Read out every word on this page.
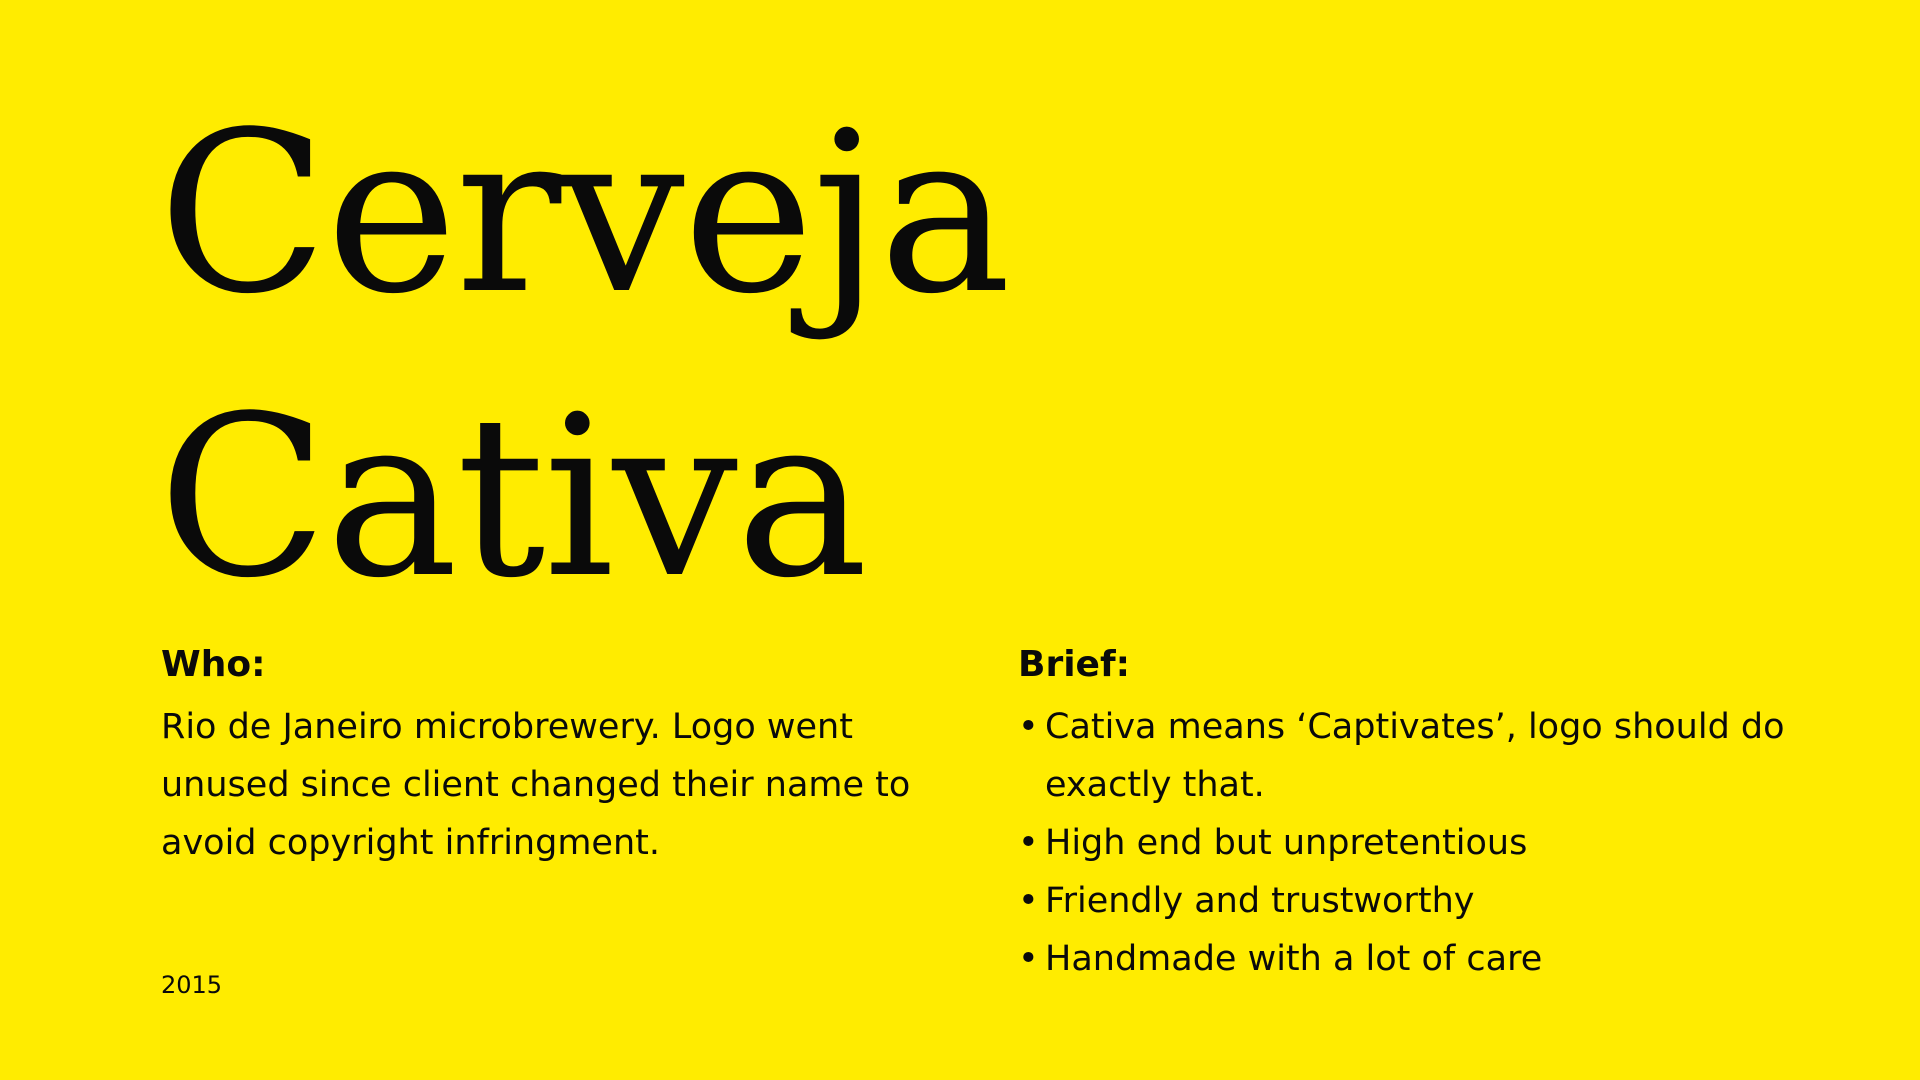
Cerveja
Cativa
Who:
Rio de Janeiro microbrewery. Logo went
unused since client changed their name to
avoid copyright infringment.
Brief:
• Cativa means ‘Captivates’, logo should do exactly that.
• High end but unpretentious
• Friendly and trustworthy
• Handmade with a lot of care
2015
